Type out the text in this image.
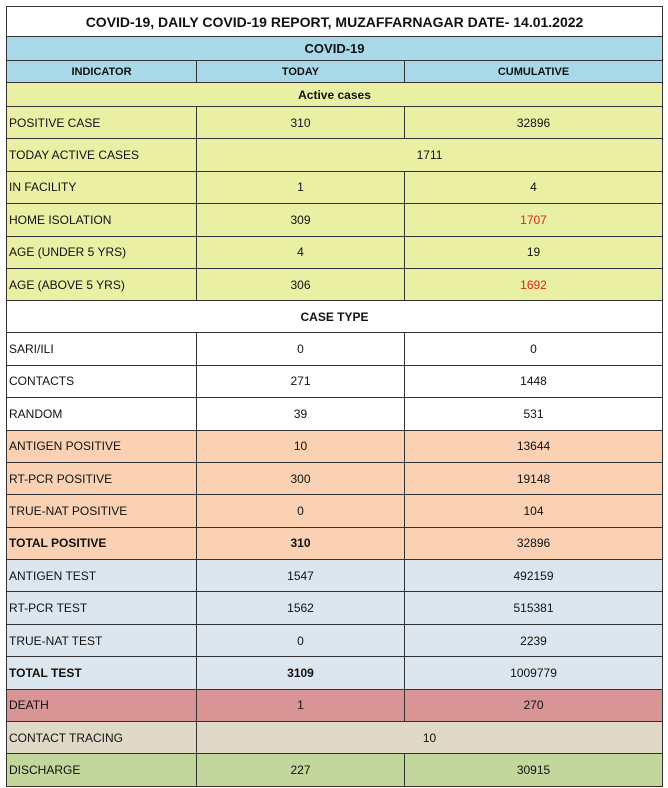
COVID-19, DAILY COVID-19 REPORT, MUZAFFARNAGAR DATE- 14.01.2022		
COVID-19		
INDICATOR	TODAY	CUMULATIVE
Active cases		
POSITIVE CASE	310	32896
TODAY ACTIVE CASES	1711	
IN FACILITY	1	4
HOME ISOLATION	309	1707
AGE (UNDER 5 YRS)	4	19
AGE (ABOVE 5 YRS)	306	1692
CASE TYPE		
SARI/ILI	0	0
CONTACTS	271	1448
RANDOM	39	531
ANTIGEN POSITIVE	10	13644
RT-PCR POSITIVE	300	19148
TRUE-NAT POSITIVE	0	104
TOTAL POSITIVE	310	32896
ANTIGEN TEST	1547	492159
RT-PCR TEST	1562	515381
TRUE-NAT TEST	0	2239
TOTAL TEST	3109	1009779
DEATH	1	270
CONTACT TRACING	10	
DISCHARGE	227	30915
